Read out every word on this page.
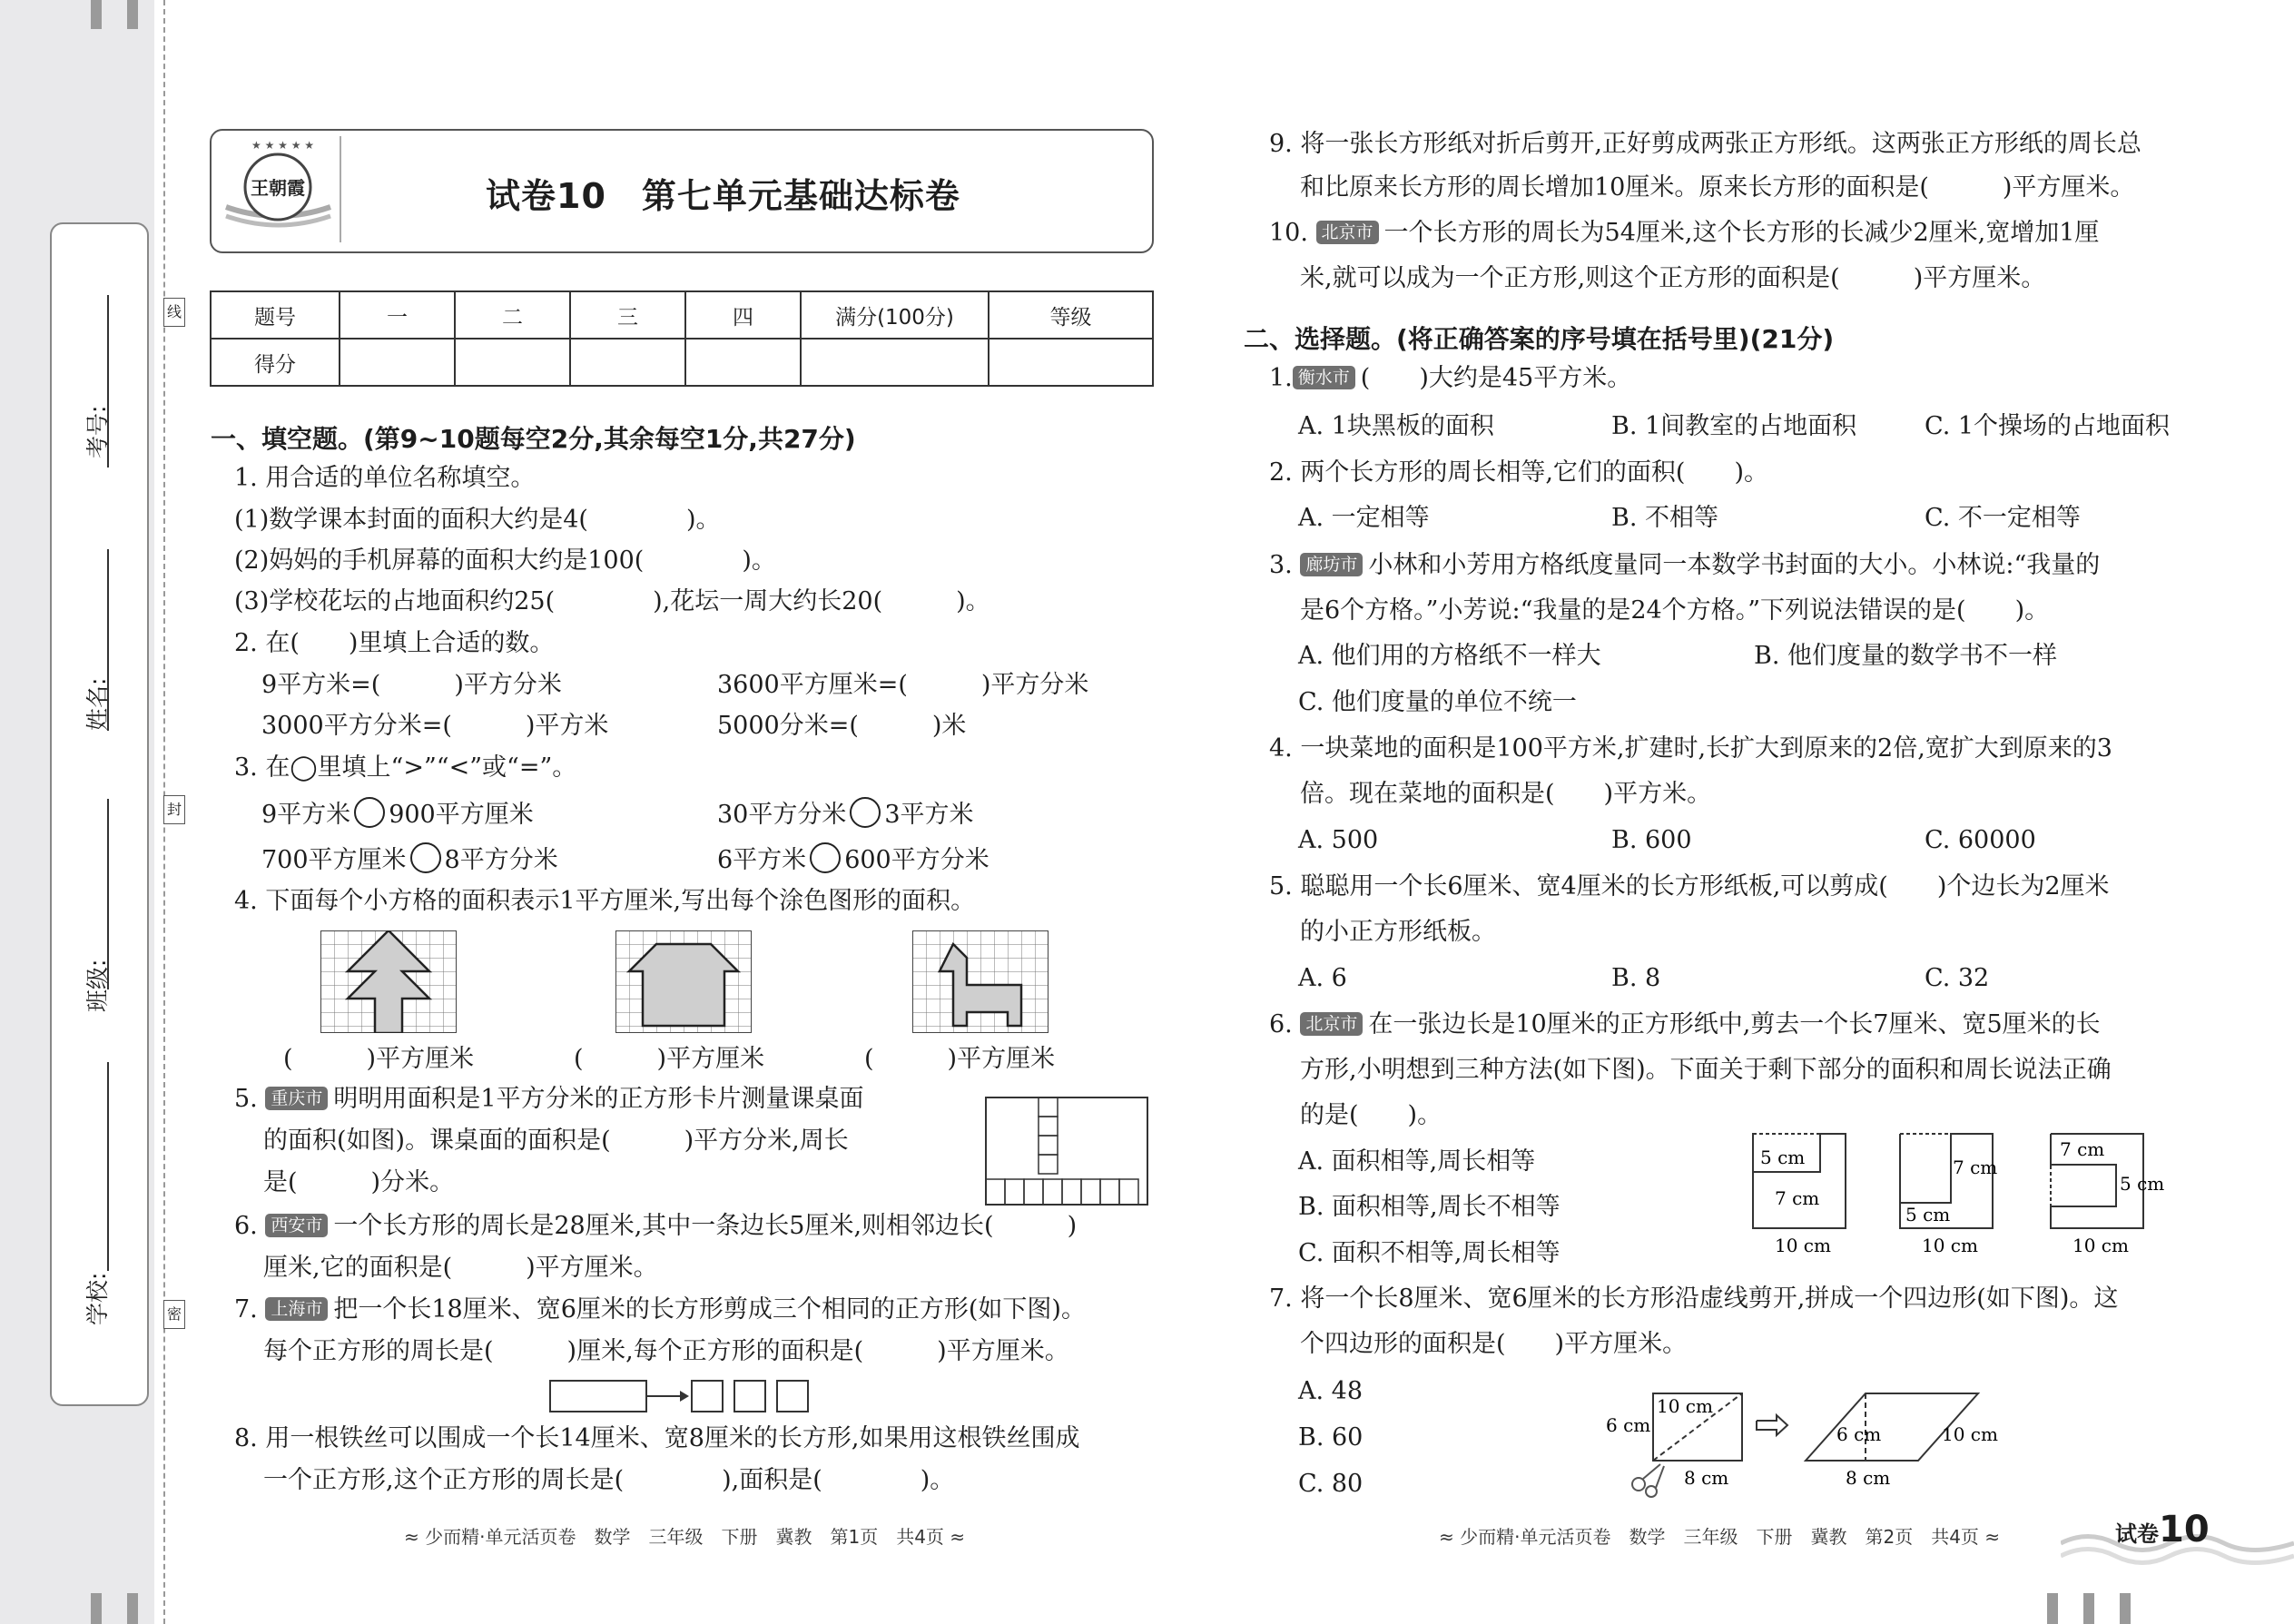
考号:
姓名:
班级:
学校:
线
封
密
★ ★ ★ ★ ★
王朝霞	试卷10　第七单元基础达标卷
题号	一	二	三	四	满分(100分)	等级
得分						
一、填空题。(第9~10题每空2分,其余每空1分,共27分)
1. 用合适的单位名称填空。
(1)数学课本封面的面积大约是4(　　　　)。
(2)妈妈的手机屏幕的面积大约是100(　　　　)。
(3)学校花坛的占地面积约25(　　　　),花坛一周大约长20(　　　)。
2. 在(　　)里填上合适的数。
9平方米=(　　　)平方分米	3600平方厘米=(　　　)平方分米
3000平方分米=(　　　)平方米	5000分米=(　　　)米
3. 在◯里填上“>”“<”或“=”。
9平方米 900平方厘米	30平方分米 3平方米
700平方厘米 8平方分米	6平方米 600平方分米
4. 下面每个小方格的面积表示1平方厘米,写出每个涂色图形的面积。
(　　　)平方厘米	(　　　)平方厘米	(　　　)平方厘米
5. 重庆市 明明用面积是1平方分米的正方形卡片测量课桌面
的面积(如图)。课桌面的面积是(　　　)平方分米,周长
是(　　　)分米。
6. 西安市 一个长方形的周长是28厘米,其中一条边长5厘米,则相邻边长(　　　)
厘米,它的面积是(　　　)平方厘米。
7. 上海市 把一个长18厘米、宽6厘米的长方形剪成三个相同的正方形(如下图)。
每个正方形的周长是(　　　)厘米,每个正方形的面积是(　　　)平方厘米。
8. 用一根铁丝可以围成一个长14厘米、宽8厘米的长方形,如果用这根铁丝围成
一个正方形,这个正方形的周长是(　　　　),面积是(　　　　)。
≈ 少而精·单元活页卷　数学　三年级　下册　冀教　第1页　共4页 ≈
9. 将一张长方形纸对折后剪开,正好剪成两张正方形纸。这两张正方形纸的周长总
和比原来长方形的周长增加10厘米。原来长方形的面积是(　　　)平方厘米。
10. 北京市 一个长方形的周长为54厘米,这个长方形的长减少2厘米,宽增加1厘
米,就可以成为一个正方形,则这个正方形的面积是(　　　)平方厘米。
二、选择题。(将正确答案的序号填在括号里)(21分)
1. 衡水市 (　　)大约是45平方米。
A. 1块黑板的面积	B. 1间教室的占地面积	C. 1个操场的占地面积
2. 两个长方形的周长相等,它们的面积(　　)。
A. 一定相等	B. 不相等	C. 不一定相等
3. 廊坊市 小林和小芳用方格纸度量同一本数学书封面的大小。小林说:“我量的
是6个方格。”小芳说:“我量的是24个方格。”下列说法错误的是(　　)。
A. 他们用的方格纸不一样大	B. 他们度量的数学书不一样
C. 他们度量的单位不统一
4. 一块菜地的面积是100平方米,扩建时,长扩大到原来的2倍,宽扩大到原来的3
倍。现在菜地的面积是(　　)平方米。
A. 500	B. 600	C. 60000
5. 聪聪用一个长6厘米、宽4厘米的长方形纸板,可以剪成(　　)个边长为2厘米
的小正方形纸板。
A. 6	B. 8	C. 32
6. 北京市 在一张边长是10厘米的正方形纸中,剪去一个长7厘米、宽5厘米的长
方形,小明想到三种方法(如下图)。下面关于剩下部分的面积和周长说法正确
的是(　　)。
A. 面积相等,周长相等
B. 面积相等,周长不相等
C. 面积不相等,周长相等
5 cm
7 cm
10 cm
7 cm
5 cm
10 cm
7 cm
5 cm
10 cm
7. 将一个长8厘米、宽6厘米的长方形沿虚线剪开,拼成一个四边形(如下图)。这
个四边形的面积是(　　)平方厘米。
A. 48
B. 60
C. 80
6 cm
10 cm
8 cm
6 cm	10 cm
8 cm
≈ 少而精·单元活页卷　数学　三年级　下册　冀教　第2页　共4页 ≈	试卷10
